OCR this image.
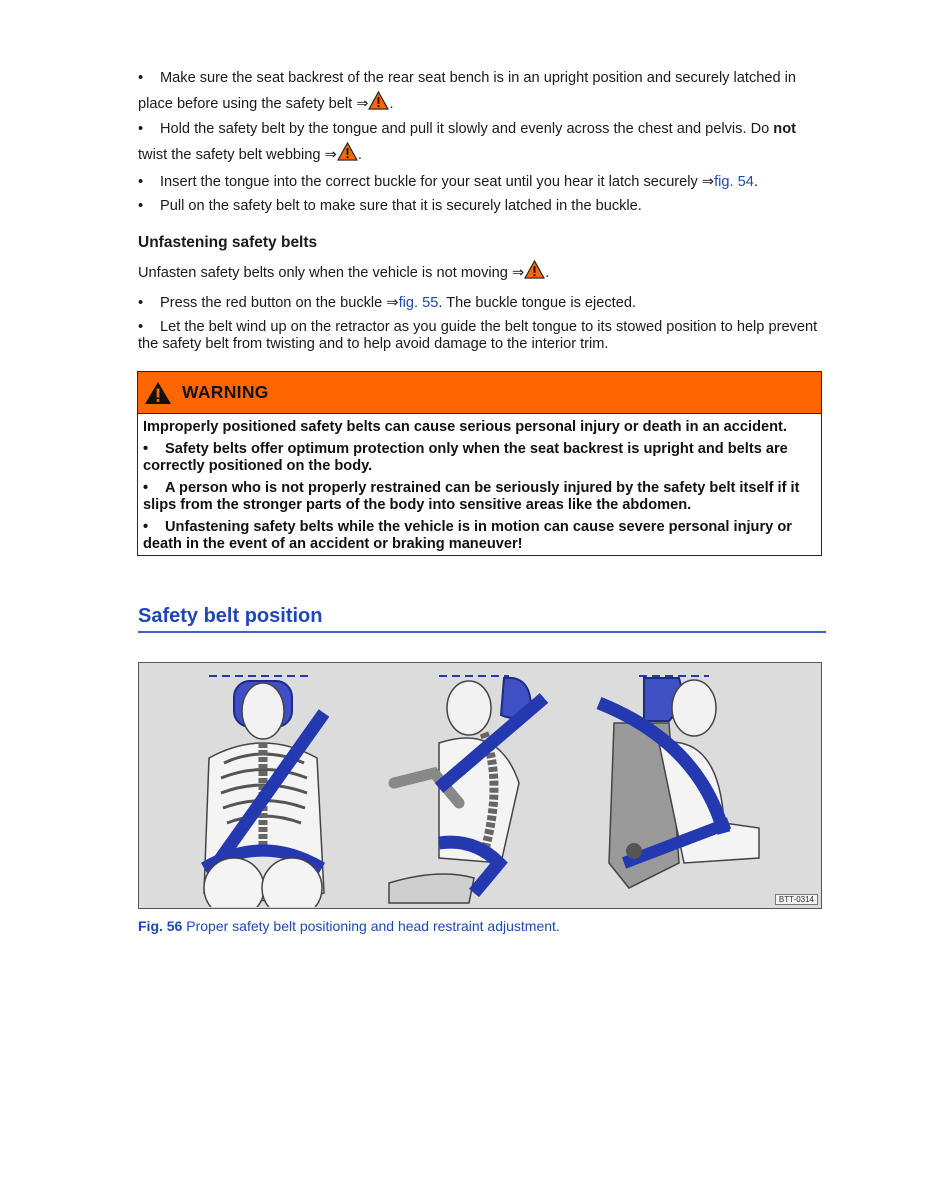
• Make sure the seat backrest of the rear seat bench is in an upright position and securely latched in place before using the safety belt ⇒ .

• Hold the safety belt by the tongue and pull it slowly and evenly across the chest and pelvis. Do not twist the safety belt webbing ⇒ .

• Insert the tongue into the correct buckle for your seat until you hear it latch securely ⇒fig. 54.

• Pull on the safety belt to make sure that it is securely latched in the buckle.

Unfastening safety belts

Unfasten safety belts only when the vehicle is not moving ⇒ .

• Press the red button on the buckle ⇒fig. 55. The buckle tongue is ejected.

• Let the belt wind up on the retractor as you guide the belt tongue to its stowed position to help prevent the safety belt from twisting and to help avoid damage to the interior trim.

WARNING

Improperly positioned safety belts can cause serious personal injury or death in an accident.

• Safety belts offer optimum protection only when the seat backrest is upright and belts are correctly positioned on the body.

• A person who is not properly restrained can be seriously injured by the safety belt itself if it slips from the stronger parts of the body into sensitive areas like the abdomen.

• Unfastening safety belts while the vehicle is in motion can cause severe personal injury or death in the event of an accident or braking maneuver!

Safety belt position
BTT-0314
Fig. 56 Proper safety belt positioning and head restraint adjustment.
